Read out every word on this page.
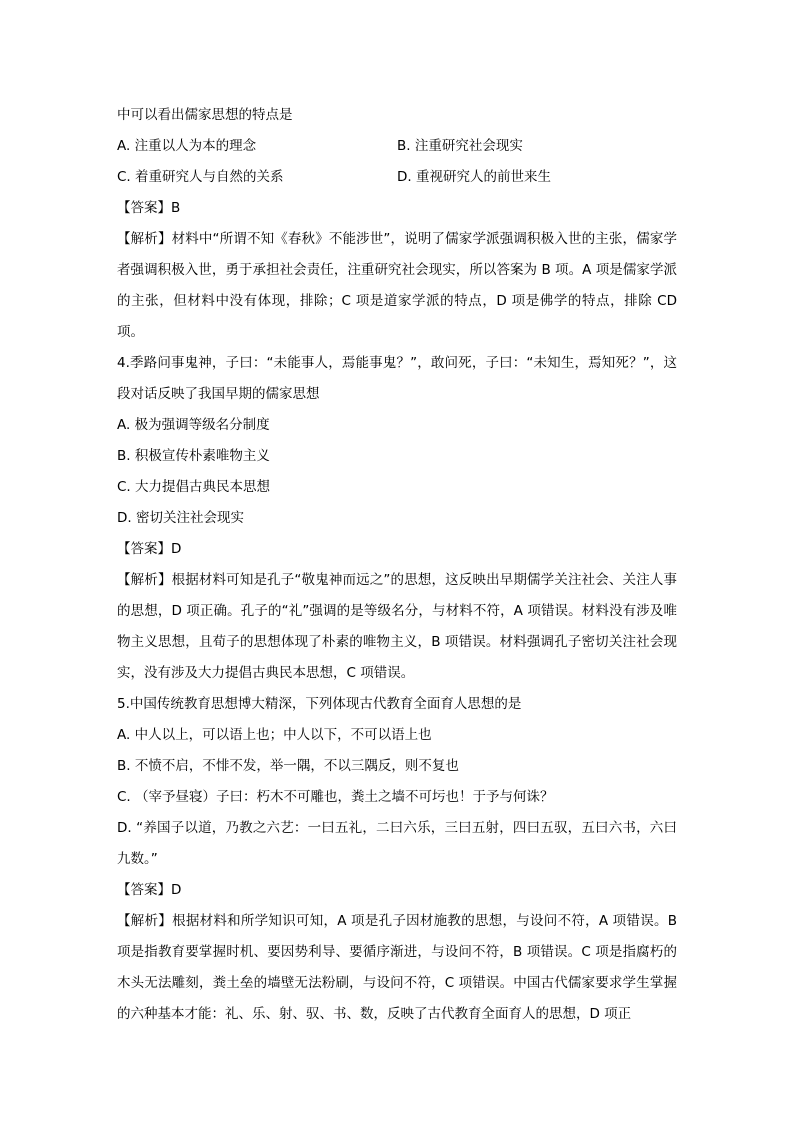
中可以看出儒家思想的特点是

A. 注重以人为本的理念	B. 注重研究社会现实
C. 着重研究人与自然的关系	D. 重视研究人的前世来生

【答案】B

【解析】材料中“所谓不知《春秋》不能涉世”，说明了儒家学派强调积极入世的主张，儒家学者强调积极入世，勇于承担社会责任，注重研究社会现实，所以答案为 B 项。A 项是儒家学派的主张，但材料中没有体现，排除；C 项是道家学派的特点，D 项是佛学的特点，排除 CD 项。

4.季路问事鬼神，子曰：“未能事人，焉能事鬼？”，敢问死，子曰：“未知生，焉知死？”，这段对话反映了我国早期的儒家思想

A. 极为强调等级名分制度

B. 积极宣传朴素唯物主义

C. 大力提倡古典民本思想

D. 密切关注社会现实

【答案】D

【解析】根据材料可知是孔子“敬鬼神而远之”的思想，这反映出早期儒学关注社会、关注人事的思想，D 项正确。孔子的“礼”强调的是等级名分，与材料不符，A 项错误。材料没有涉及唯物主义思想，且荀子的思想体现了朴素的唯物主义，B 项错误。材料强调孔子密切关注社会现实，没有涉及大力提倡古典民本思想，C 项错误。

5.中国传统教育思想博大精深，下列体现古代教育全面育人思想的是

A. 中人以上，可以语上也；中人以下，不可以语上也

B. 不愤不启，不悱不发，举一隅，不以三隅反，则不复也

C. （宰予昼寝）子曰：朽木不可雕也，粪土之墙不可圬也！于予与何诛？

D. “养国子以道，乃教之六艺：一曰五礼，二曰六乐，三曰五射，四曰五驭，五曰六书，六曰九数。”

【答案】D

【解析】根据材料和所学知识可知，A 项是孔子因材施教的思想，与设问不符，A 项错误。B 项是指教育要掌握时机、要因势利导、要循序渐进，与设问不符，B 项错误。C 项是指腐朽的木头无法雕刻，粪土垒的墙壁无法粉刷，与设问不符，C 项错误。中国古代儒家要求学生掌握的六种基本才能：礼、乐、射、驭、书、数，反映了古代教育全面育人的思想，D 项正
